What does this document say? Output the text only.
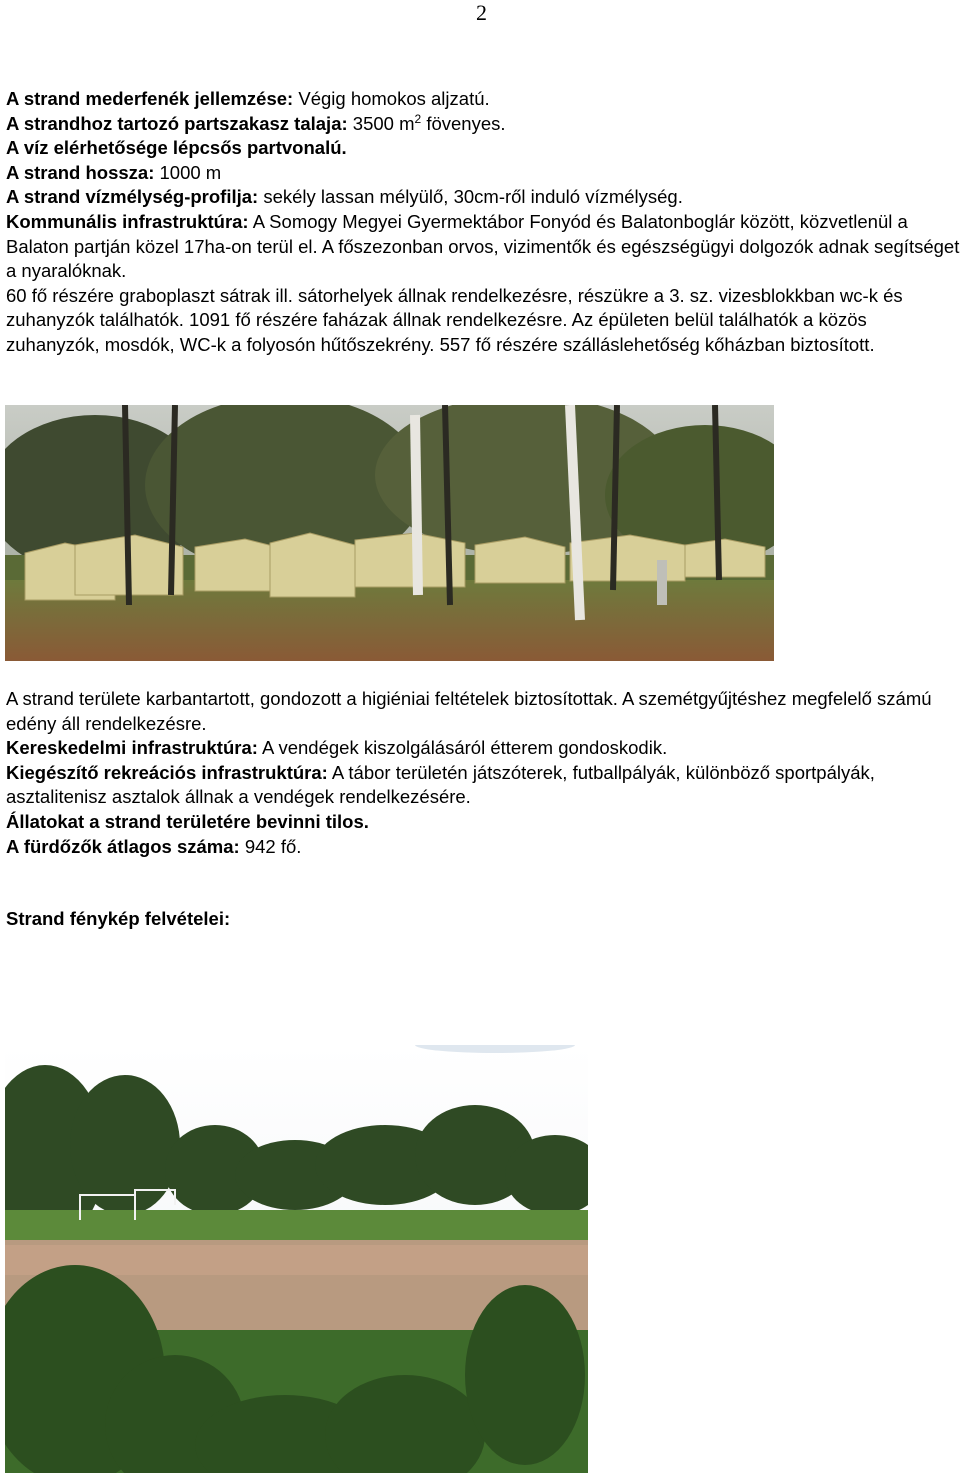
2

A strand mederfenék jellemzése: Végig homokos aljzatú.

A strandhoz tartozó partszakasz talaja: 3500 $m^2$ fövenyes.

A víz elérhetősége lépcsős partvonalú.

A strand hossza: 1000 m

A strand vízmélység-profilja: sekély lassan mélyülő, 30cm-ről induló vízmélység.

Kommunális infrastruktúra: A Somogy Megyei Gyermektábor Fonyód és Balatonboglár között, közvetlenül a Balaton partján közel 17ha-on terül el. A főszezonban orvos, vizimentők és egészségügyi dolgozók adnak segítséget a nyaralóknak.

60 fő részére graboplaszt sátrak ill. sátorhelyek állnak rendelkezésre, részükre a 3. sz. vizesblokkban wc-k és zuhanyzók találhatók. 1091 fő részére faházak állnak rendelkezésre. Az épületen belül találhatók a közös zuhanyzók, mosdók, WC-k a folyosón hűtőszekrény. 557 fő részére szálláslehetőség kőházban biztosított.

A strand területe karbantartott, gondozott a higiéniai feltételek biztosítottak. A szemétgyűjtéshez megfelelő számú edény áll rendelkezésre.

Kereskedelmi infrastruktúra: A vendégek kiszolgálásáról étterem gondoskodik.

Kiegészítő rekreációs infrastruktúra: A tábor területén játszóterek, futballpályák, különböző sportpályák, asztalitenisz asztalok állnak a vendégek rendelkezésére.

Állatokat a strand területére bevinni tilos.

A fürdőzők átlagos száma: 942 fő.

Strand fénykép felvételei:
